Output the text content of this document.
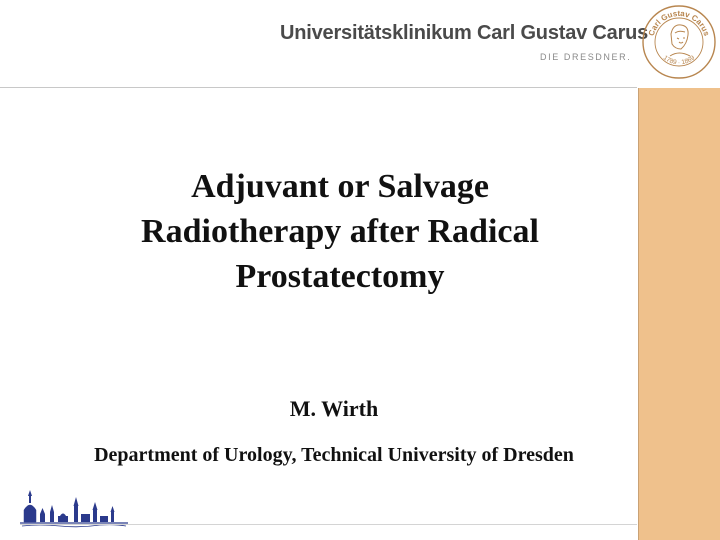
Universitätsklinikum Carl Gustav Carus
DIE DRESDNER.
Carl Gustav Carus
1789 · 1869
Adjuvant or Salvage
Radiotherapy after Radical
Prostatectomy
M. Wirth
Department of Urology, Technical University of Dresden
